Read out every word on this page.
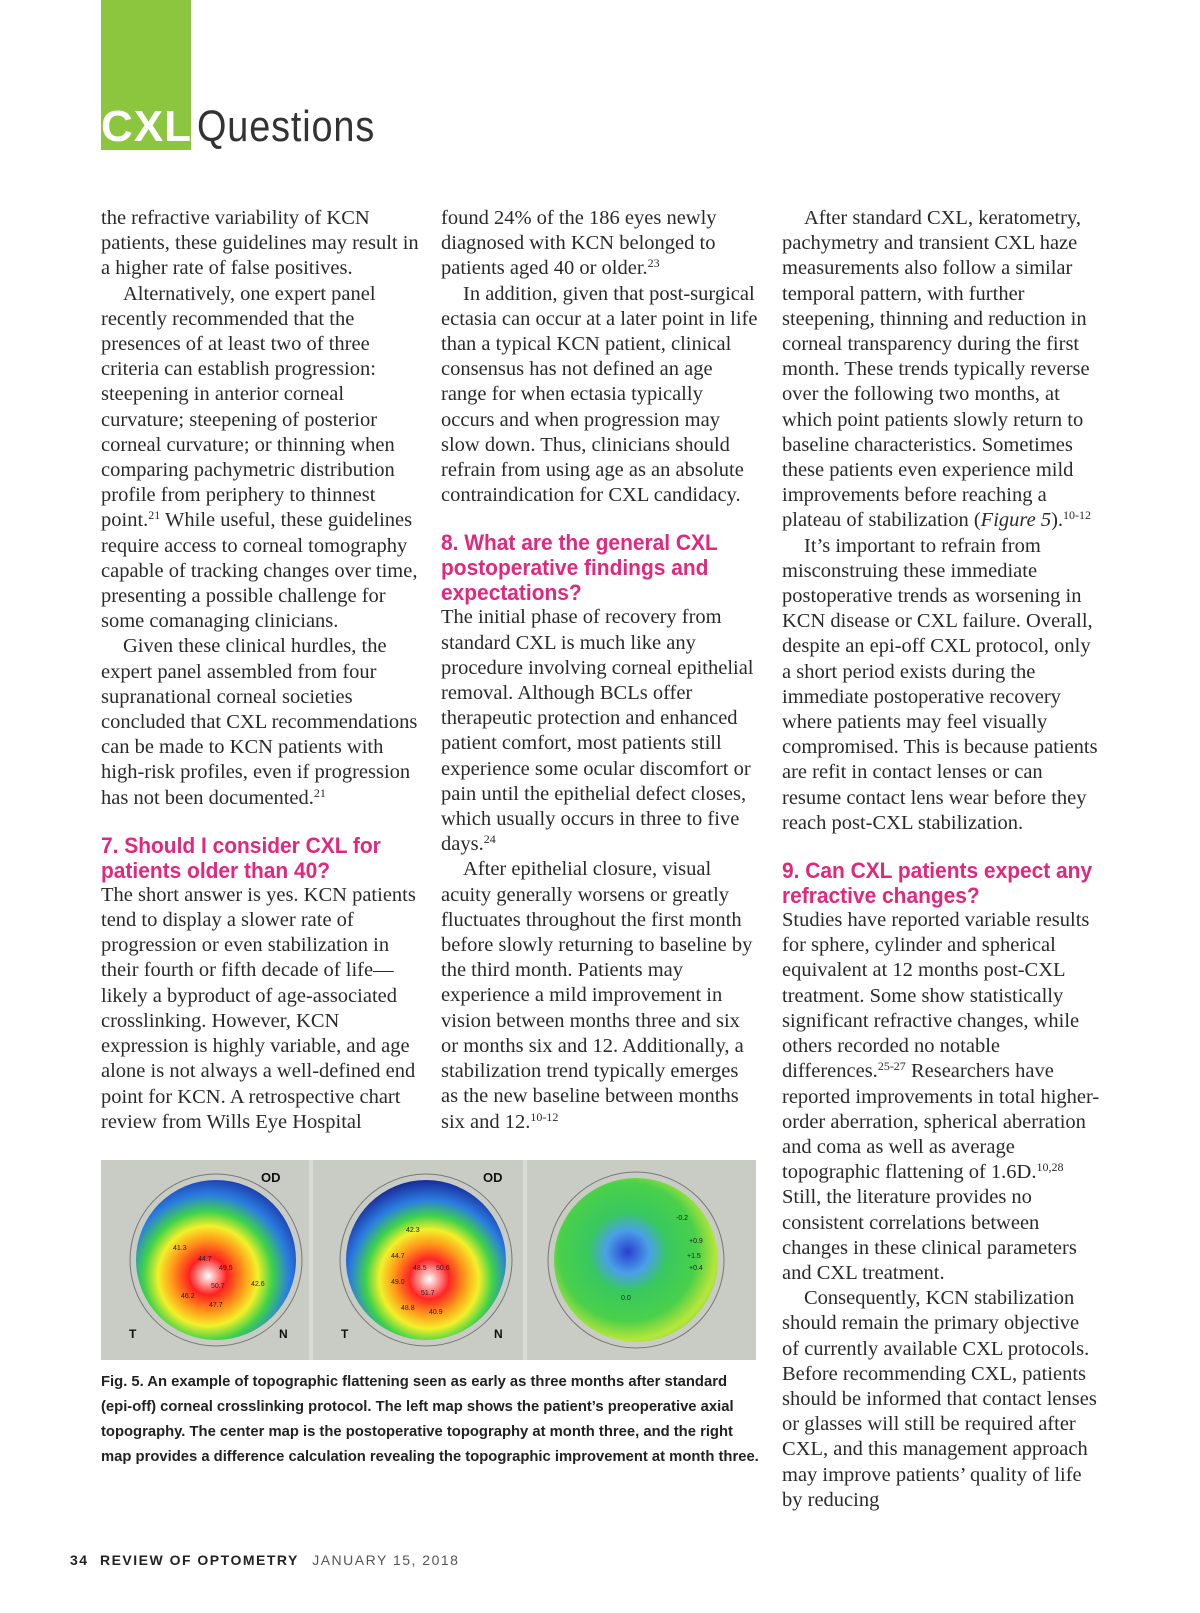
CXL Questions

the refractive variability of KCN patients, these guidelines may result in a higher rate of false positives.

Alternatively, one expert panel recently recommended that the presences of at least two of three criteria can establish progression: steepening in anterior corneal curvature; steepening of posterior corneal curvature; or thinning when comparing pachymetric distribution profile from periphery to thinnest point.$^{21}$ While useful, these guidelines require access to corneal tomography capable of tracking changes over time, presenting a possible challenge for some comanaging clinicians.

Given these clinical hurdles, the expert panel assembled from four supranational corneal societies concluded that CXL recommendations can be made to KCN patients with high-risk profiles, even if progression has not been documented.$^{21}$

7. Should I consider CXL for patients older than 40?

The short answer is yes. KCN patients tend to display a slower rate of progression or even stabilization in their fourth or fifth decade of life—likely a byproduct of age-associated crosslinking. However, KCN expression is highly variable, and age alone is not always a well-defined end point for KCN. A retrospective chart review from Wills Eye Hospital

found 24% of the 186 eyes newly diagnosed with KCN belonged to patients aged 40 or older.$^{23}$

In addition, given that post-surgical ectasia can occur at a later point in life than a typical KCN patient, clinical consensus has not defined an age range for when ectasia typically occurs and when progression may slow down. Thus, clinicians should refrain from using age as an absolute contraindication for CXL candidacy.

8. What are the general CXL postoperative findings and expectations?

The initial phase of recovery from standard CXL is much like any procedure involving corneal epithelial removal. Although BCLs offer therapeutic protection and enhanced patient comfort, most patients still experience some ocular discomfort or pain until the epithelial defect closes, which usually occurs in three to five days.$^{24}$

After epithelial closure, visual acuity generally worsens or greatly fluctuates throughout the first month before slowly returning to baseline by the third month. Patients may experience a mild improvement in vision between months three and six or months six and 12. Additionally, a stabilization trend typically emerges as the new baseline between months six and 12.$^{10-12}$

After standard CXL, keratometry, pachymetry and transient CXL haze measurements also follow a similar temporal pattern, with further steepening, thinning and reduction in corneal transparency during the first month. These trends typically reverse over the following two months, at which point patients slowly return to baseline characteristics. Sometimes these patients even experience mild improvements before reaching a plateau of stabilization (Figure 5).$^{10-12}$

It’s important to refrain from misconstruing these immediate postoperative trends as worsening in KCN disease or CXL failure. Overall, despite an epi-off CXL protocol, only a short period exists during the immediate postoperative recovery where patients may feel visually compromised. This is because patients are refit in contact lenses or can resume contact lens wear before they reach post-CXL stabilization.

9. Can CXL patients expect any refractive changes?

Studies have reported variable results for sphere, cylinder and spherical equivalent at 12 months post-CXL treatment. Some show statistically significant refractive changes, while others recorded no notable differences.$^{25-27}$ Researchers have reported improvements in total higher-order aberration, spherical aberration and coma as well as average topographic flattening of 1.6D.$^{10,28}$ Still, the literature provides no consistent correlations between changes in these clinical parameters and CXL treatment.

Consequently, KCN stabilization should remain the primary objective of currently available CXL protocols. Before recommending CXL, patients should be informed that contact lenses or glasses will still be required after CXL, and this management approach may improve patients’ quality of life by reducing

OD
T	N
41.3
44.7
49.5
50.7
46.2
47.7
42.6
OD
T	N
42.3
44.7
48.5 50.6
49.0
51.7
48.8
40.9
+1.5
+0.9
+0.4
-0.2
0.0
Fig. 5. An example of topographic flattening seen as early as three months after standard (epi-off) corneal crosslinking protocol. The left map shows the patient’s preoperative axial topography. The center map is the postoperative topography at month three, and the right map provides a difference calculation revealing the topographic improvement at month three.
34 REVIEW OF OPTOMETRY JANUARY 15, 2018
